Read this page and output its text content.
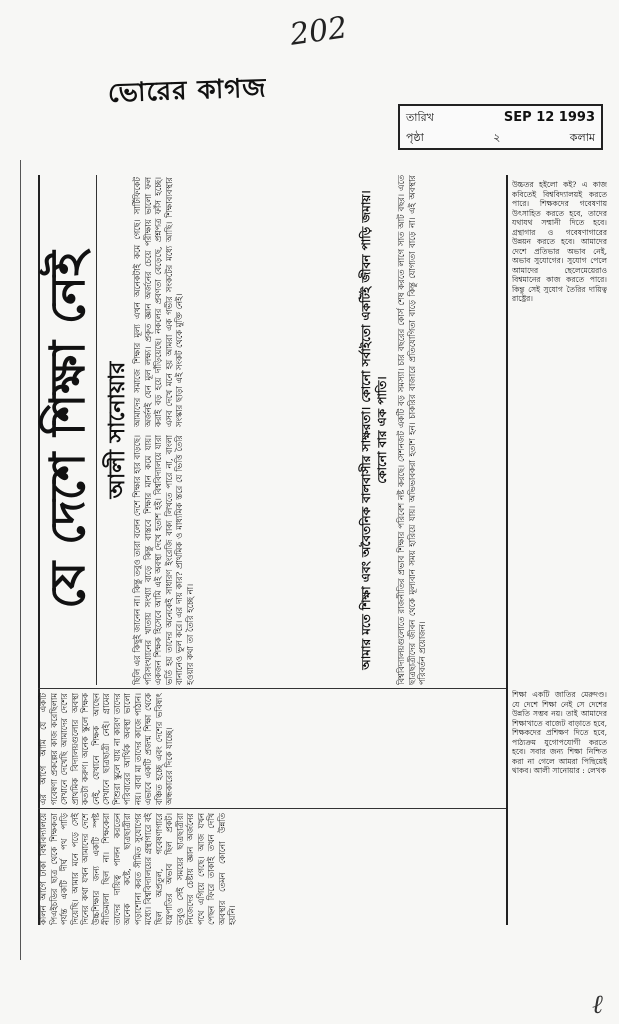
202
ভোরের কাগজ
তারিখ	SEP 12 1993
পৃষ্ঠা	২	কলাম
কলিন আগে ঢাকা বিশ্ববিদ্যালয়ে পিএইচডির ছাত্র থেকে শিক্ষকতা পর্যন্ত একটি দীর্ঘ পথ পাড়ি দিয়েছি। আমার মনে পড়ে সেই দিনের কথা যখন আমাদের দেশে উচ্চশিক্ষার জন্য একটি স্পষ্ট নীতিমালা ছিল না। শিক্ষকেরা তাদের দায়িত্ব পালন করতেন অনেক কষ্টে, ছাত্রছাত্রীরা পড়াশোনা করত সীমিত সুযোগের মধ্যে। বিশ্ববিদ্যালয়ের গ্রন্থাগারে বই ছিল অপ্রতুল, গবেষণাগারে যন্ত্রপাতির অভাব ছিল প্রকট। তবুও সেই সময়ের ছাত্রছাত্রীরা নিজেদের চেষ্টায় জ্ঞান অর্জনের পথে এগিয়ে গেছে। আজ যখন পেছন ফিরে তাকাই তখন দেখি অবস্থার তেমন কোনো উন্নতি হয়নি।
এর আগে আমি যে একটি গবেষণা প্রকল্পের কাজ করেছিলাম সেখানে দেখেছি আমাদের দেশের প্রাথমিক বিদ্যালয়গুলোর অবস্থা কতটা করুণ। অনেক স্কুলে শিক্ষক নেই, যেখানে শিক্ষক আছেন সেখানে ছাত্রছাত্রী নেই। গ্রামের শিশুরা স্কুলে যায় না কারণ তাদের পরিবারের আর্থিক অবস্থা ভালো নয়। বাবা মা তাদের কাজে পাঠান। এভাবে একটি প্রজন্ম শিক্ষা থেকে বঞ্চিত হচ্ছে এবং দেশের ভবিষ্যৎ অন্ধকারের দিকে যাচ্ছে।
যে দেশে শিক্ষা নেই আলী সানোয়ার
ছিলি এর কিছুই জানেন না। কিন্তু তবুও তারা বলেন দেশে শিক্ষার হার বাড়ছে। পরিসংখ্যানের খাতায় সংখ্যা বাড়ে কিন্তু বাস্তবে শিক্ষার মান কমে যায়। একজন শিক্ষক হিসেবে আমি এই অবস্থা দেখে হতাশ হই। বিশ্ববিদ্যালয়ে যারা ভর্তি হয় তাদের অনেকেই সাধারণ ইংরেজি বাক্য লিখতে পারে না, বাংলা বানানেও ভুল করে। এর দায় কার? প্রাথমিক ও মাধ্যমিক স্তরে যে ভিত্তি তৈরি হওয়ার কথা তা তৈরি হচ্ছে না।
আমাদের সমাজে শিক্ষার মূল্য এখন অনেকটাই কমে গেছে। সার্টিফিকেট অর্জনই যেন মূল লক্ষ্য। প্রকৃত জ্ঞান অর্জনের চেয়ে পরীক্ষায় ভালো ফল করাই বড় হয়ে দাঁড়িয়েছে। নকলের প্রবণতা বেড়েছে, প্রশ্নপত্র ফাঁস হচ্ছে। এসব দেখে মনে হয় আমরা এক গভীর সংকটের মধ্যে আছি। শিক্ষাব্যবস্থার সংস্কার ছাড়া এই সংকট থেকে মুক্তি নেই।	আমার মতে শিক্ষা এবং অবৈতনিক বালবাসীর সাক্ষরতা। কোনো সর্বাইতো একটিই জীবন পাড়ি জমায়। কোনো বার এক পাতি। বিশ্ববিদ্যালয়গুলোতে রাজনীতির প্রভাব শিক্ষার পরিবেশ নষ্ট করছে। সেশনজট একটি বড় সমস্যা। চার বছরের কোর্স শেষ করতে লাগে সাত আট বছর। এতে ছাত্রছাত্রীদের জীবন থেকে মূল্যবান সময় হারিয়ে যায়। অভিভাবকরা হতাশ হন। চাকরির বাজারে প্রতিযোগিতা বাড়ে কিন্তু যোগ্যতা বাড়ে না। এই অবস্থার পরিবর্তন প্রয়োজন।
উচ্চতর হইলো কই? এ কাজ কবিতেই বিশ্ববিদ্যালয়ই করতে পারে। শিক্ষকদের গবেষণায় উৎসাহিত করতে হবে, তাদের যথাযথ সম্মানী দিতে হবে। গ্রন্থাগার ও গবেষণাগারের উন্নয়ন করতে হবে। আমাদের দেশে প্রতিভার অভাব নেই, অভাব সুযোগের। সুযোগ পেলে আমাদের ছেলেমেয়েরাও বিশ্বমানের কাজ করতে পারে। কিন্তু সেই সুযোগ তৈরির দায়িত্ব রাষ্ট্রের।
শিক্ষা একটি জাতির মেরুদণ্ড। যে দেশে শিক্ষা নেই সে দেশের উন্নতি সম্ভব নয়। তাই আমাদের শিক্ষাখাতে বাজেট বাড়াতে হবে, শিক্ষকদের প্রশিক্ষণ দিতে হবে, পাঠ্যক্রম যুগোপযোগী করতে হবে। সবার জন্য শিক্ষা নিশ্চিত করা না গেলে আমরা পিছিয়েই থাকব। আলী সানোয়ার : লেখক
ℓ
